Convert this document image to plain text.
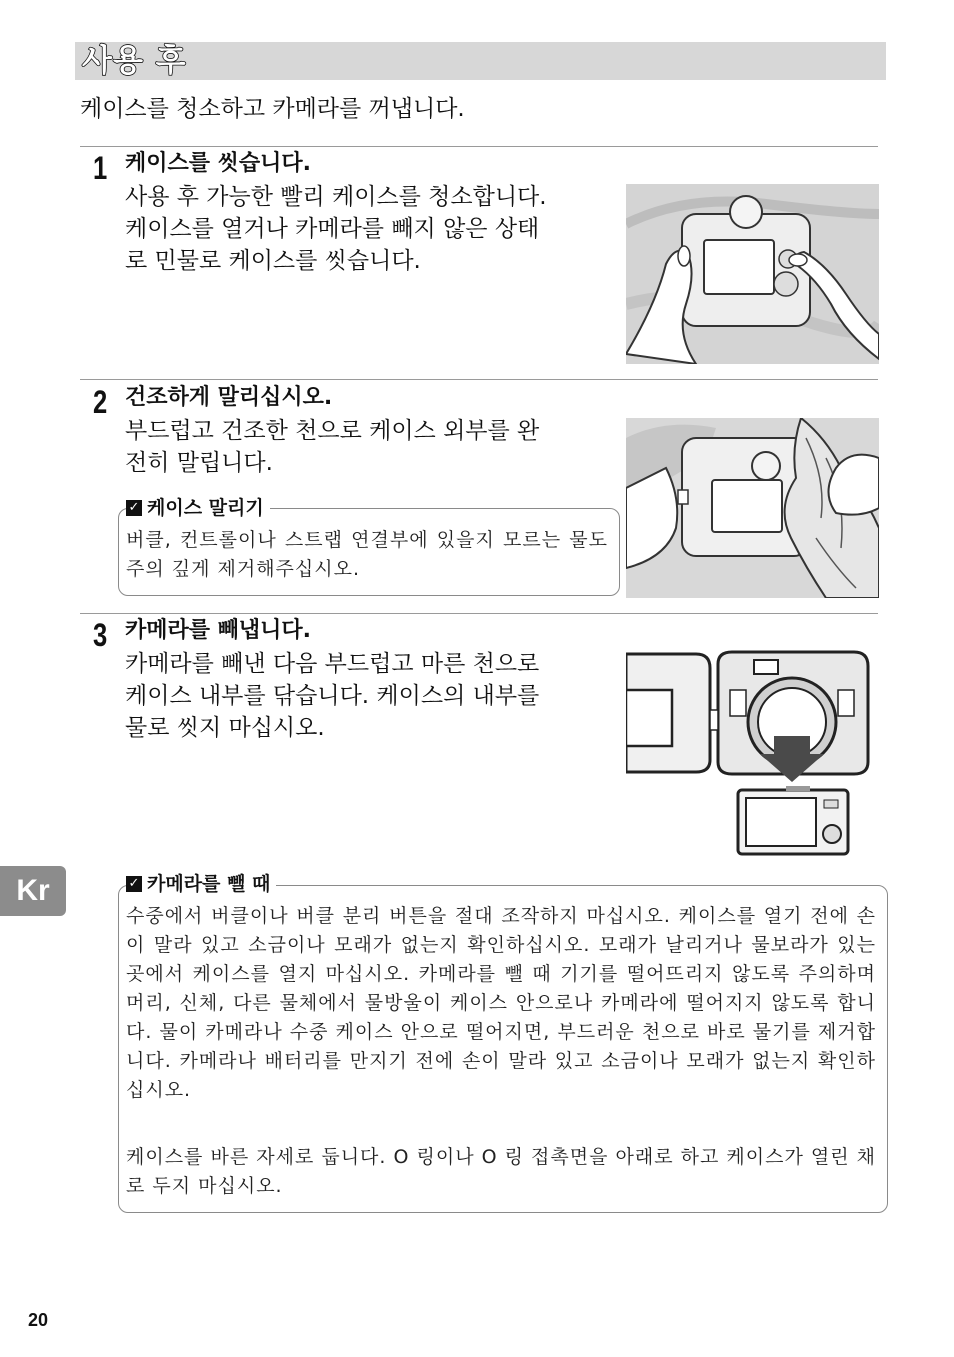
사용 후
케이스를 청소하고 카메라를 꺼냅니다.
1 케이스를 씻습니다.
사용 후 가능한 빨리 케이스를 청소합니다.
케이스를 열거나 카메라를 빼지 않은 상태
로 민물로 케이스를 씻습니다.
2 건조하게 말리십시오.
부드럽고 건조한 천으로 케이스 외부를 완
전히 말립니다.
✓ 케이스 말리기
버클, 컨트롤이나 스트랩 연결부에 있을지 모르는 물도 주의 깊게 제거해주십시오.
3 카메라를 빼냅니다.
카메라를 빼낸 다음 부드럽고 마른 천으로
케이스 내부를 닦습니다. 케이스의 내부를
물로 씻지 마십시오.
✓ 카메라를 뺄 때
수중에서 버클이나 버클 분리 버튼을 절대 조작하지 마십시오. 케이스를 열기 전에 손이 말라 있고 소금이나 모래가 없는지 확인하십시오. 모래가 날리거나 물보라가 있는 곳에서 케이스를 열지 마십시오. 카메라를 뺄 때 기기를 떨어뜨리지 않도록 주의하며 머리, 신체, 다른 물체에서 물방울이 케이스 안으로나 카메라에 떨어지지 않도록 합니다. 물이 카메라나 수중 케이스 안으로 떨어지면, 부드러운 천으로 바로 물기를 제거합니다. 카메라나 배터리를 만지기 전에 손이 말라 있고 소금이나 모래가 없는지 확인하십시오.
케이스를 바른 자세로 둡니다. O 링이나 O 링 접촉면을 아래로 하고 케이스가 열린 채로 두지 마십시오.
Kr
20
